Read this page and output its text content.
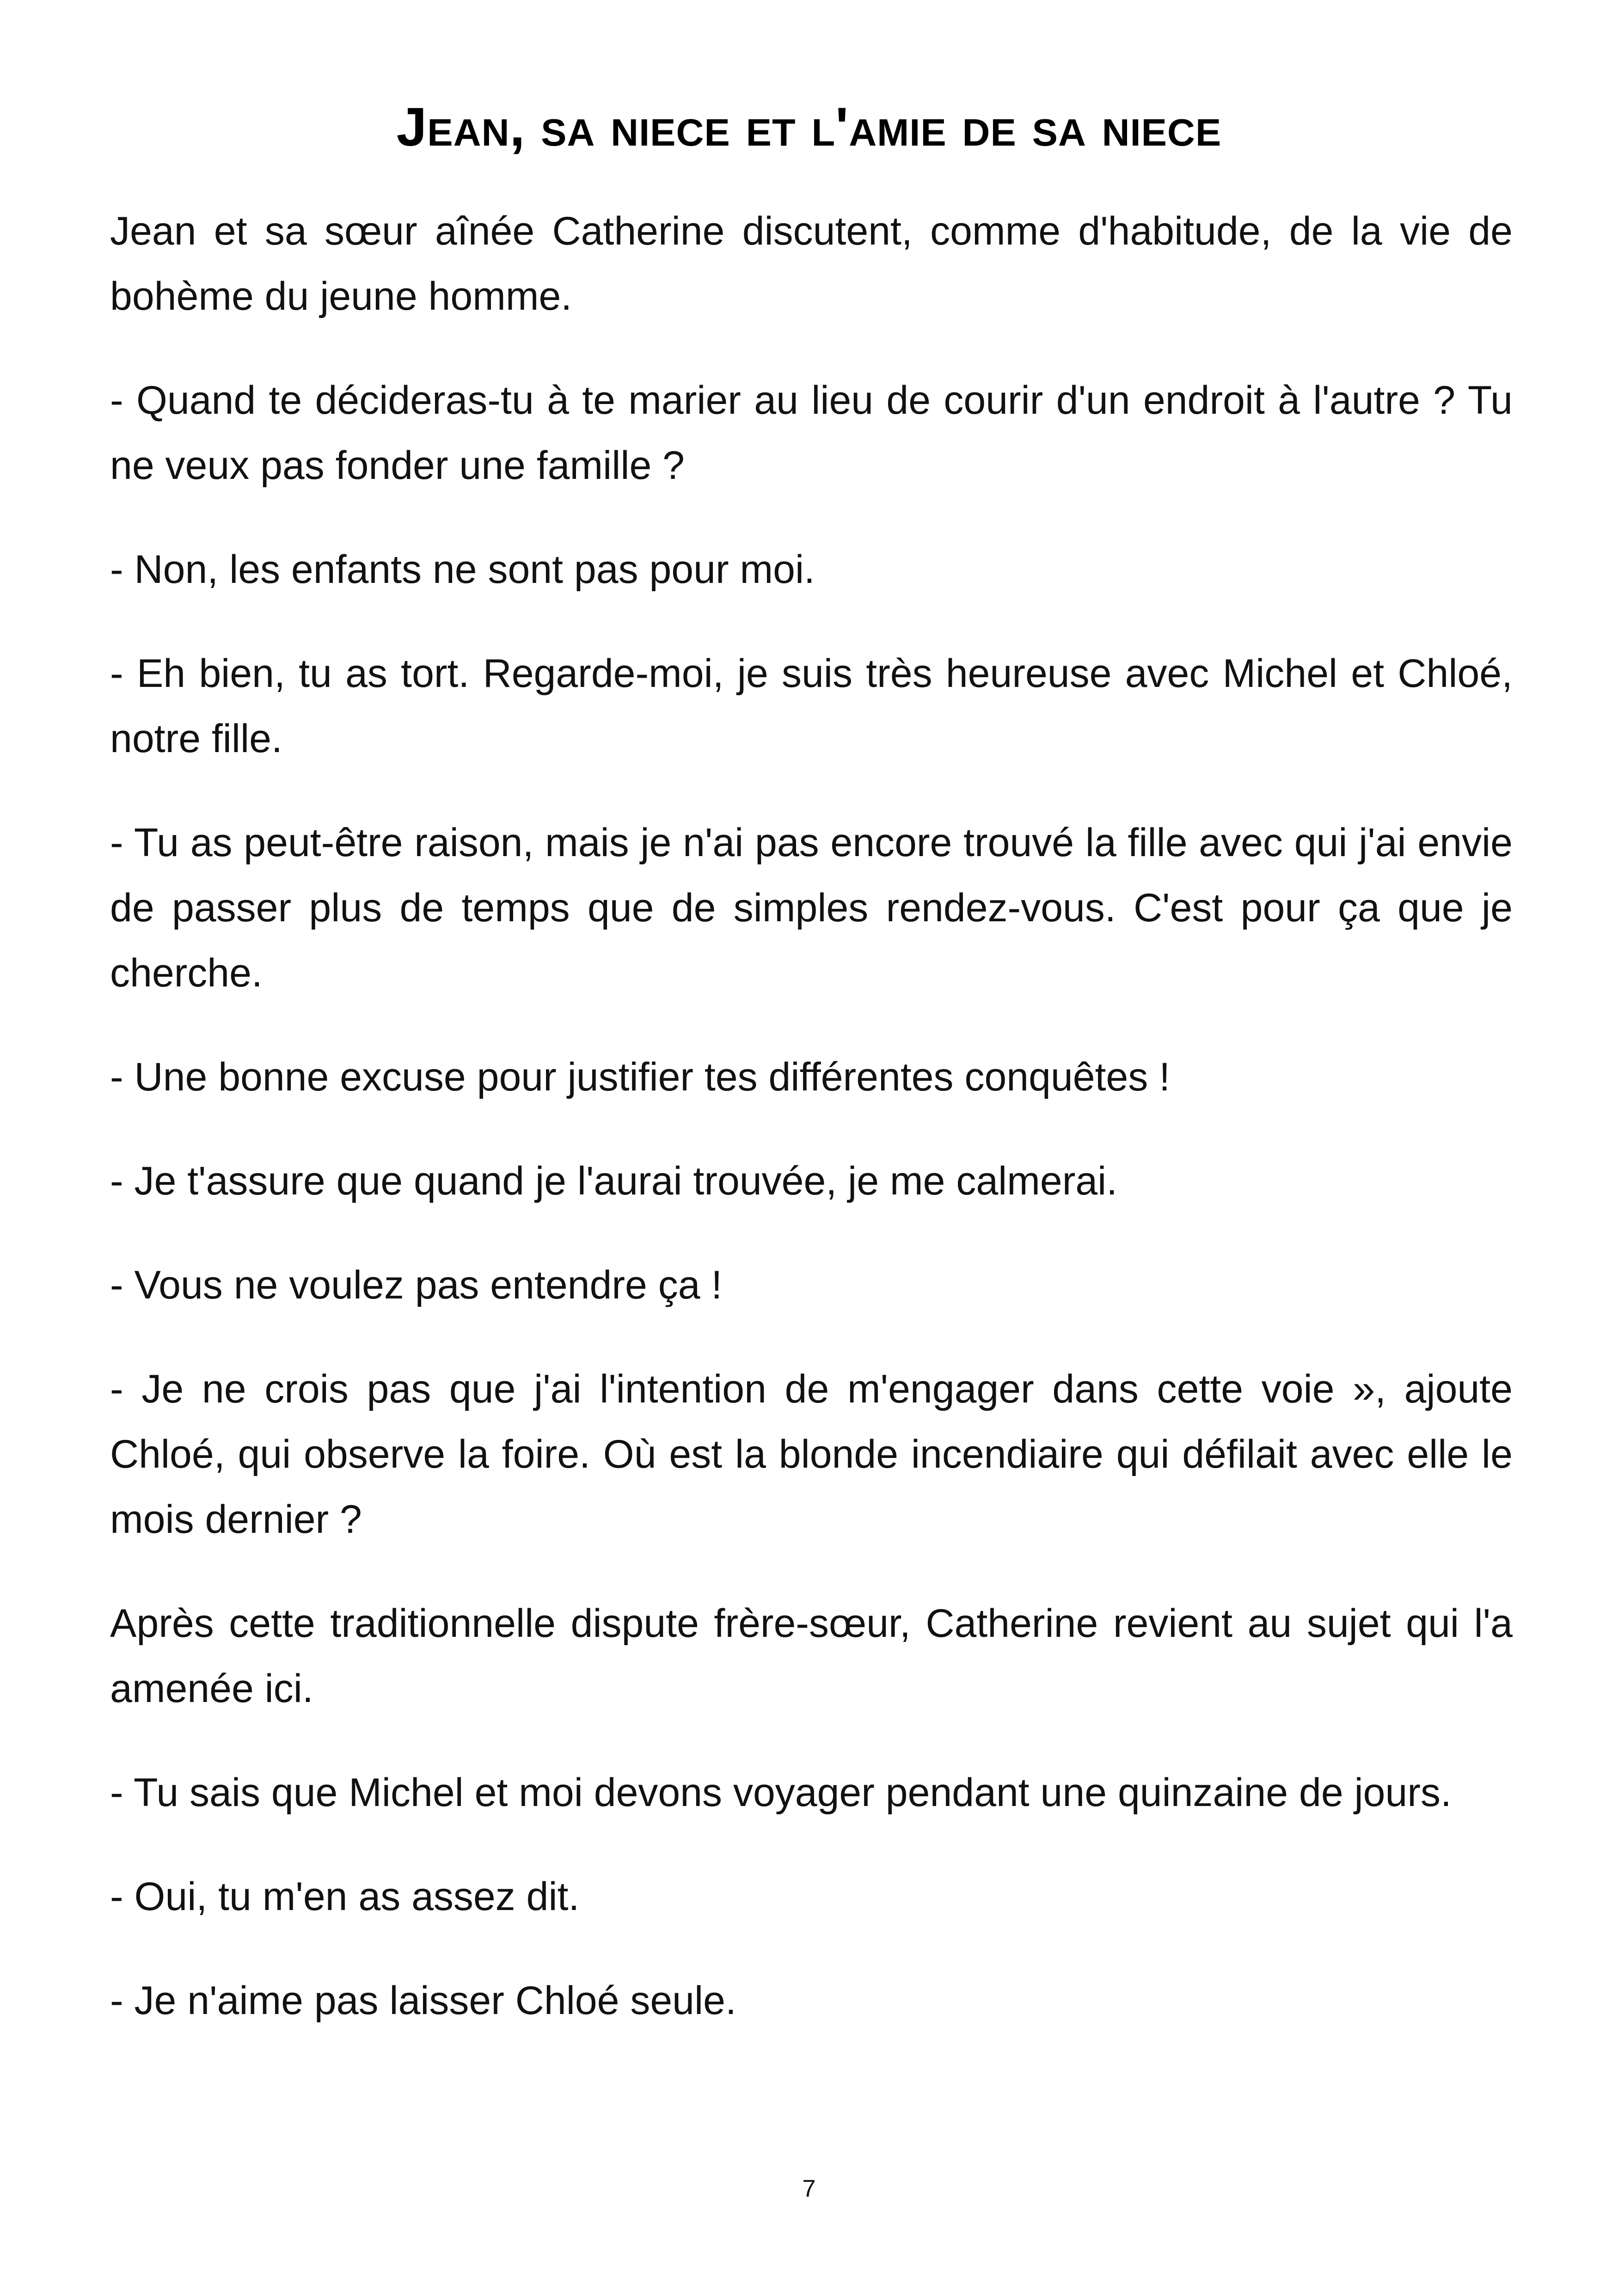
Jean, sa niece et l'amie de sa niece

Jean et sa sœur aînée Catherine discutent, comme d'habitude, de la vie de bohème du jeune homme.

- Quand te décideras-tu à te marier au lieu de courir d'un endroit à l'autre ? Tu ne veux pas fonder une famille ?

- Non, les enfants ne sont pas pour moi.

- Eh bien, tu as tort. Regarde-moi, je suis très heureuse avec Michel et Chloé, notre fille.

- Tu as peut-être raison, mais je n'ai pas encore trouvé la fille avec qui j'ai envie de passer plus de temps que de simples rendez-vous. C'est pour ça que je cherche.

- Une bonne excuse pour justifier tes différentes conquêtes !

- Je t'assure que quand je l'aurai trouvée, je me calmerai.

- Vous ne voulez pas entendre ça !

- Je ne crois pas que j'ai l'intention de m'engager dans cette voie », ajoute Chloé, qui observe la foire. Où est la blonde incendiaire qui défilait avec elle le mois dernier ?

Après cette traditionnelle dispute frère-sœur, Catherine revient au sujet qui l'a amenée ici.

- Tu sais que Michel et moi devons voyager pendant une quinzaine de jours.

- Oui, tu m'en as assez dit.

- Je n'aime pas laisser Chloé seule.

7
